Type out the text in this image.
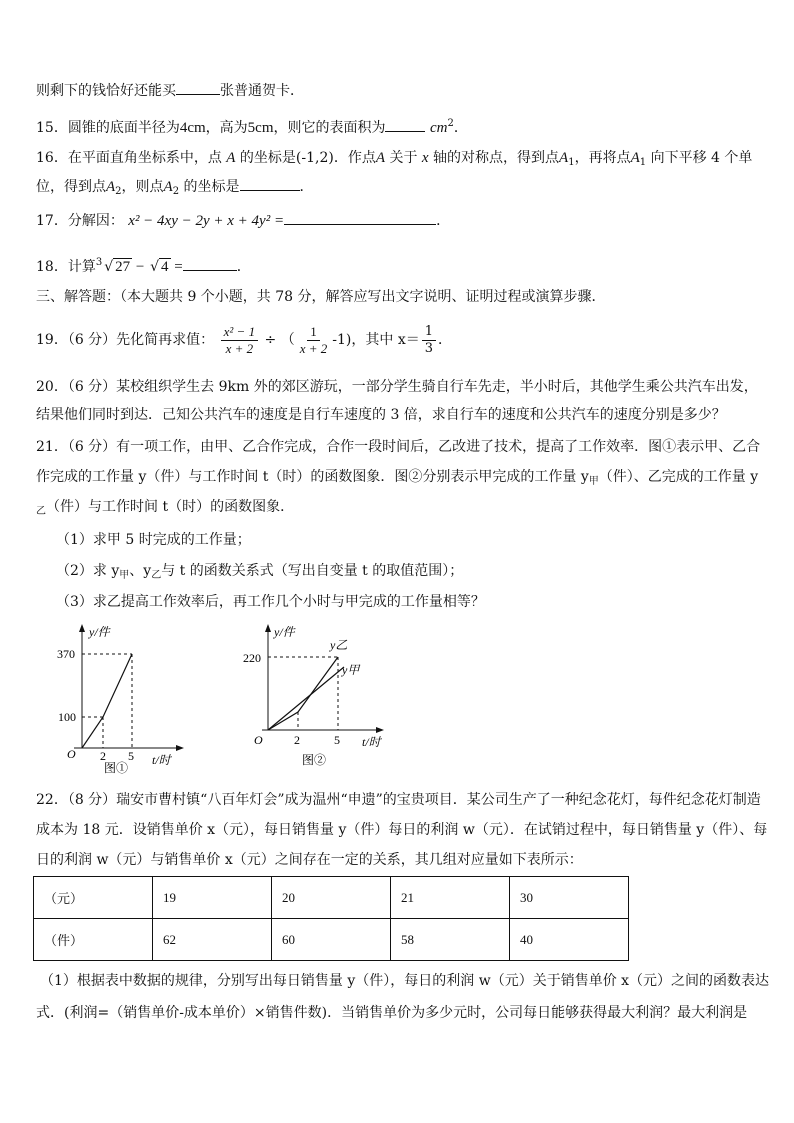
则剩下的钱恰好还能买	张普通贺卡．
15．圆锥的底面半径为4cm，高为5cm，则它的表面积为	$cm^2$．
16．在平面直角坐标系中，点 A 的坐标是(-1,2)．作点A 关于 x 轴的对称点，得到点$A_1$，再将点$A_1$ 向下平移 4 个单
位，得到点$A_2$，则点$A_2$ 的坐标是	．
17．分解因： x² − 4xy − 2y + x + 4y² =	．
18．计算$^3$ √ 27 − √ 4 =	．
三、解答题：（本大题共 9 个小题，共 78 分，解答应写出文字说明、证明过程或演算步骤．
19．（6 分）先化简再求值： $\frac{\text{x² − 1}}{x + 2}$ ÷ （ $\frac{1}{x + 2} -1$)，其中 $x= \frac{1}{3}$ ．
20．（6 分）某校组织学生去 9km 外的郊区游玩，一部分学生骑自行车先走，半小时后，其他学生乘公共汽车出发，
结果他们同时到达．己知公共汽车的速度是自行车速度的 3 倍，求自行车的速度和公共汽车的速度分别是多少？
21．（6 分）有一项工作，由甲、乙合作完成，合作一段时间后，乙改进了技术，提高了工作效率．图①表示甲、乙合
作完成的工作量 y（件）与工作时间 t（时）的函数图象．图②分别表示甲完成的工作量 $y_甲$（件）、乙完成的工作量 y
$_乙$（件）与工作时间 t（时）的函数图象．
（1）求甲 5 时完成的工作量；
（2）求 $y_甲$、$y_乙$与 t 的函数关系式（写出自变量 t 的取值范围）；
（3）求乙提高工作效率后，再工作几个小时与甲完成的工作量相等？
y/件
t/时
O
370
100
2 5
图①
y/件
t/时
O
220
2	5
y乙
y甲
图②
22．（8 分）瑞安市曹村镇“八百年灯会”成为温州“申遗”的宝贵项目．某公司生产了一种纪念花灯，每件纪念花灯制造
成本为 18 元．设销售单价 x（元），每日销售量 y（件）每日的利润 w（元）．在试销过程中，每日销售量 y（件）、每
日的利润 w（元）与销售单价 x（元）之间存在一定的关系，其几组对应量如下表所示：
（元）	19	20	21	30
（件）	62	60	58	40
（1）根据表中数据的规律，分别写出每日销售量 y（件），每日的利润 w（元）关于销售单价 x（元）之间的函数表达
式．(利润=（销售单价-成本单价）×销售件数)．当销售单价为多少元时，公司每日能够获得最大利润？最大利润是
